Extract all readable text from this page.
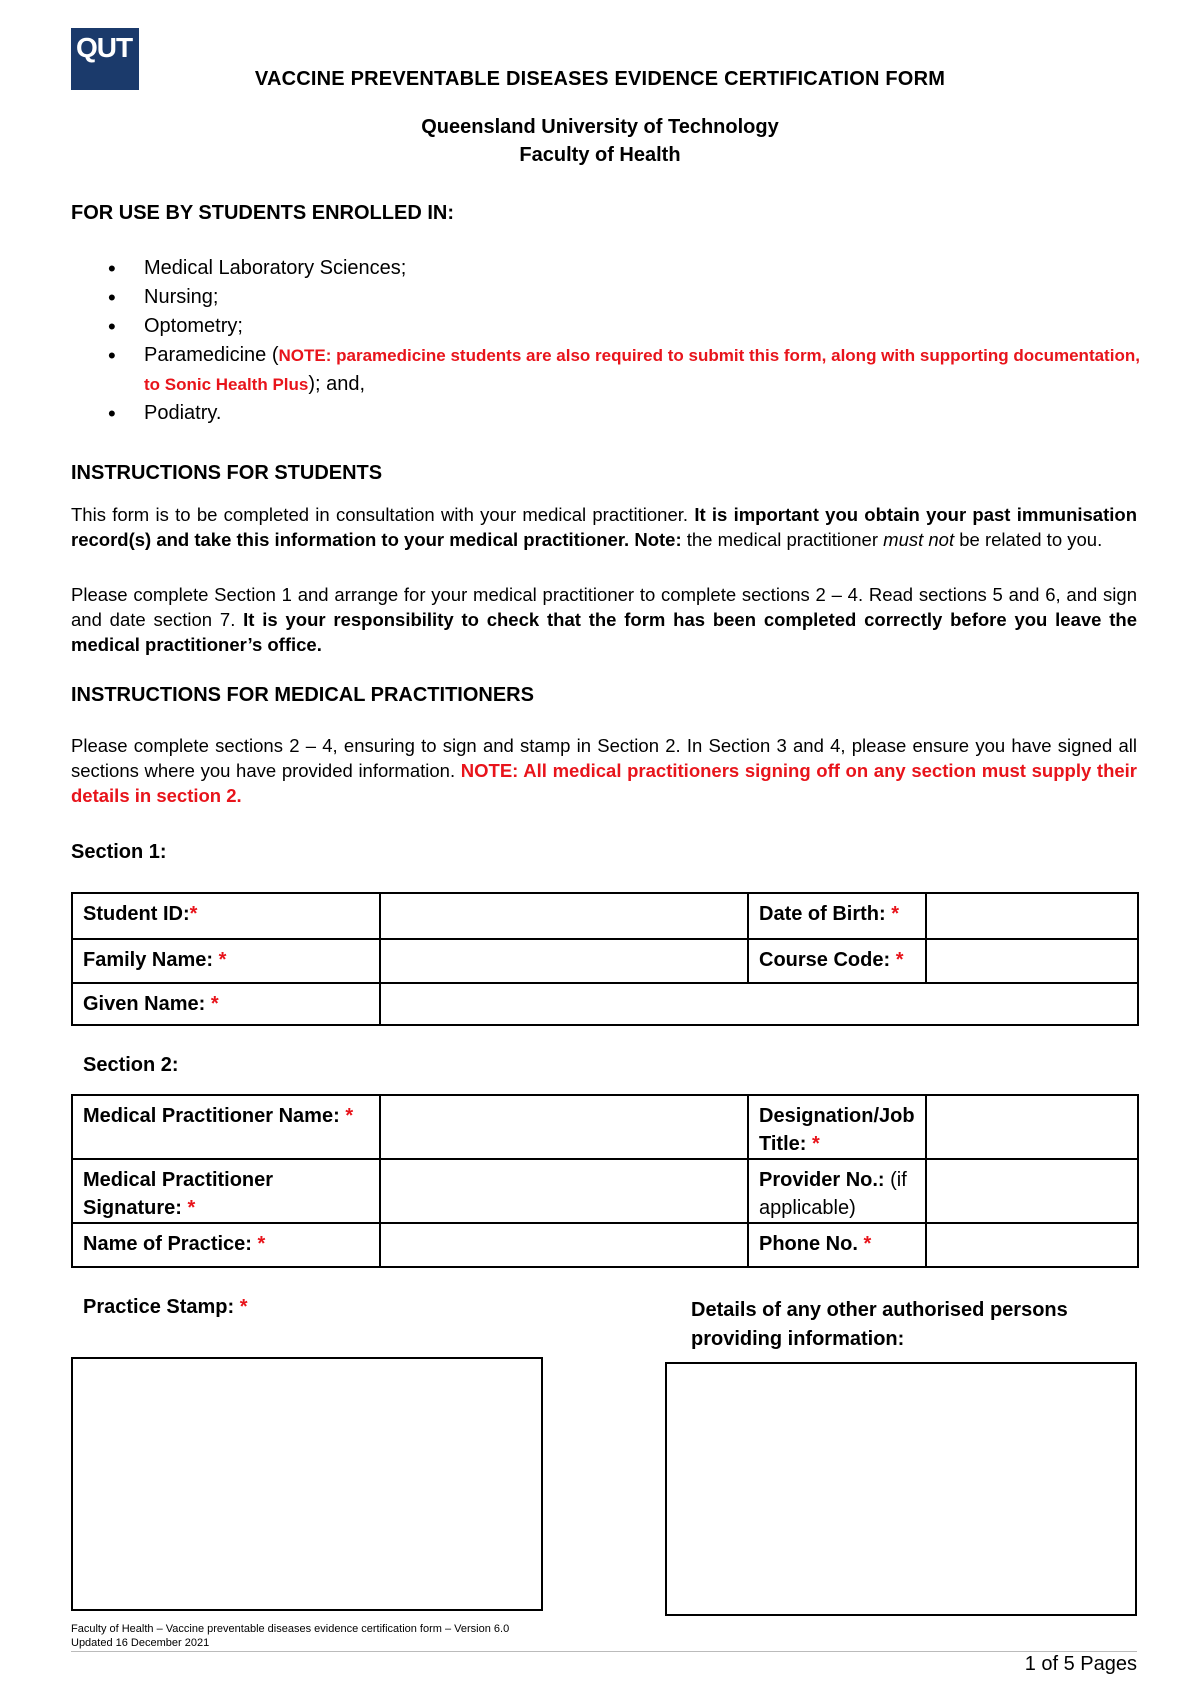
QUT
VACCINE PREVENTABLE DISEASES EVIDENCE CERTIFICATION FORM
Queensland University of Technology
Faculty of Health
FOR USE BY STUDENTS ENROLLED IN:
• Medical Laboratory Sciences;
• Nursing;
• Optometry;
• Paramedicine (NOTE: paramedicine students are also required to submit this form, along with supporting documentation, to Sonic Health Plus); and,
• Podiatry.
INSTRUCTIONS FOR STUDENTS
This form is to be completed in consultation with your medical practitioner. It is important you obtain your past immunisation record(s) and take this information to your medical practitioner. Note: the medical practitioner must not be related to you.
Please complete Section 1 and arrange for your medical practitioner to complete sections 2 – 4. Read sections 5 and 6, and sign and date section 7. It is your responsibility to check that the form has been completed correctly before you leave the medical practitioner’s office.
INSTRUCTIONS FOR MEDICAL PRACTITIONERS
Please complete sections 2 – 4, ensuring to sign and stamp in Section 2. In Section 3 and 4, please ensure you have signed all sections where you have provided information. NOTE: All medical practitioners signing off on any section must supply their details in section 2.
Section 1:
Student ID:*		Date of Birth: *	
Family Name: *		Course Code: *	
Given Name: *			
Section 2:
Medical Practitioner Name: *		Designation/Job Title: *	
Medical Practitioner Signature: *		Provider No.: (if applicable)	
Name of Practice: *		Phone No. *	
Practice Stamp: *	Details of any other authorised persons providing information:
Faculty of Health – Vaccine preventable diseases evidence certification form – Version 6.0
Updated 16 December 2021
1 of 5 Pages
